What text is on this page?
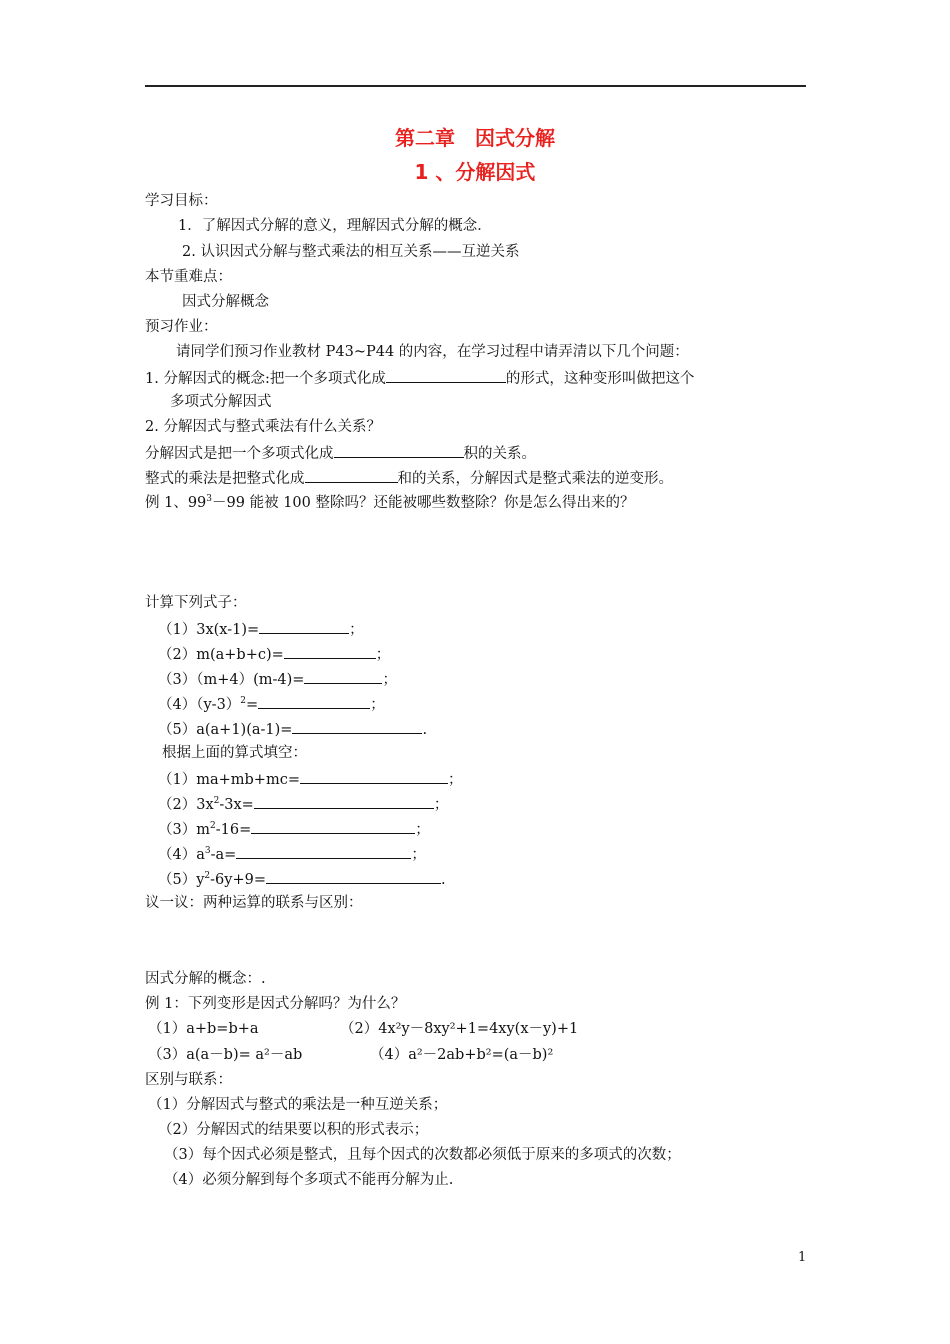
第二章　因式分解
1 、分解因式
学习目标：
1．了解因式分解的意义，理解因式分解的概念．
2. 认识因式分解与整式乘法的相互关系——互逆关系
本节重难点：
因式分解概念
预习作业：
请同学们预习作业教材 P43~P44 的内容，在学习过程中请弄清以下几个问题：
1. 分解因式的概念:把一个多项式化成	的形式，这种变形叫做把这个
多项式分解因式
2. 分解因式与整式乘法有什么关系？
分解因式是把一个多项式化成	积的关系。
整式的乘法是把整式化成	和的关系，分解因式是整式乘法的逆变形。
例 1、$99^3-99$ 能被 100 整除吗？还能被哪些数整除？你是怎么得出来的？
计算下列式子：
（1）3x(x-1)=	；
（2）m(a+b+c)=	；
（3）（m+4）(m-4)=	；
$(4)(y-3)^2=$	；
（5）a(a+1)(a-1)=	.
根据上面的算式填空：
（1）ma+mb+mc=	；
$(2)3x^2-3x=$	；
$(3)m^2-16=$	；
$(4)a^3-a=$	；
$(5)y^2-6y+9=$	.
议一议：两种运算的联系与区别：
因式分解的概念：.
例 1：下列变形是因式分解吗？为什么？
（1）a+b=b+a	（2）4x²y－8xy²+1=4xy(x－y)+1
（3）a(a－b)= a²－ab	（4）a²－2ab+b²=(a－b)²
区别与联系：
（1）分解因式与整式的乘法是一种互逆关系；
（2）分解因式的结果要以积的形式表示；
（3）每个因式必须是整式，且每个因式的次数都必须低于原来的多项式的次数；
（4）必须分解到每个多项式不能再分解为止.
1
